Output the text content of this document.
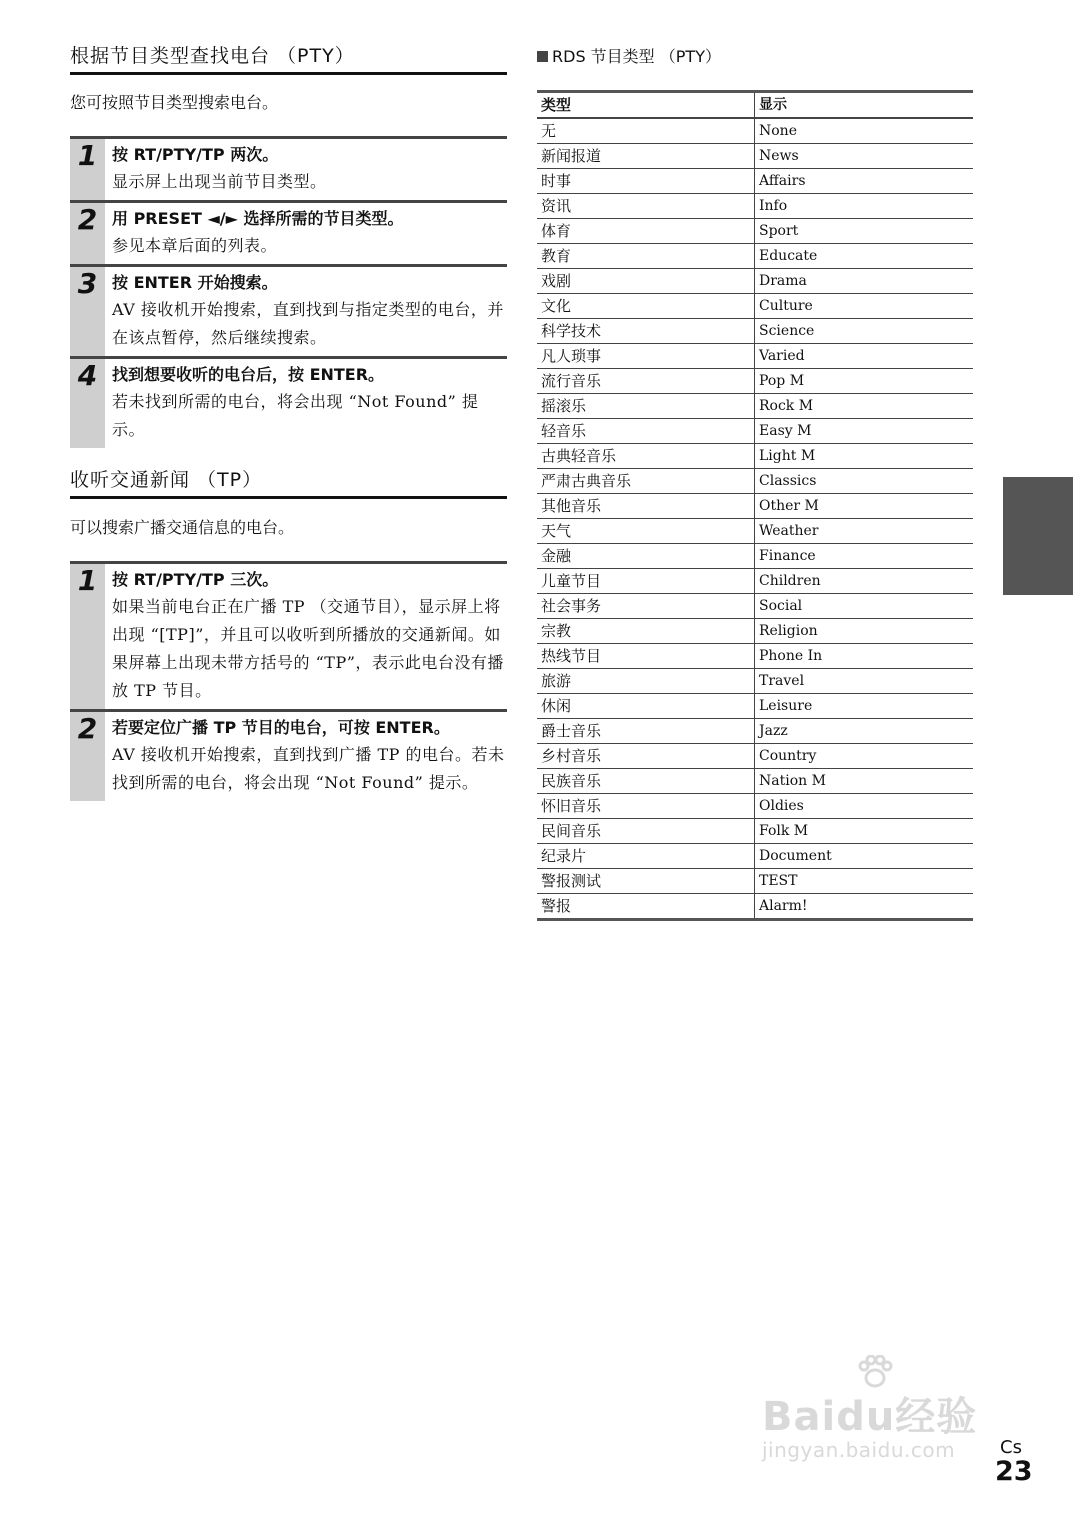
根据节目类型查找电台 （PTY）
您可按照节目类型搜索电台。
1 按 RT/PTY/TP 两次。
显示屏上出现当前节目类型。
2 用 PRESET ◄/► 选择所需的节目类型。
参见本章后面的列表。
3 按 ENTER 开始搜索。
AV 接收机开始搜索，直到找到与指定类型的电台，并在该点暂停，然后继续搜索。
4 找到想要收听的电台后，按 ENTER。
若未找到所需的电台，将会出现 “Not Found” 提示。
收听交通新闻 （TP）
可以搜索广播交通信息的电台。
1 按 RT/PTY/TP 三次。
如果当前电台正在广播 TP （交通节目），显示屏上将出现 “[TP]”，并且可以收听到所播放的交通新闻。如果屏幕上出现未带方括号的 “TP”，表示此电台没有播放 TP 节目。
2 若要定位广播 TP 节目的电台，可按 ENTER。
AV 接收机开始搜索，直到找到广播 TP 的电台。若未找到所需的电台，将会出现 “Not Found” 提示。
RDS 节目类型 （PTY）
类型	显示
无	None
新闻报道	News
时事	Affairs
资讯	Info
体育	Sport
教育	Educate
戏剧	Drama
文化	Culture
科学技术	Science
凡人琐事	Varied
流行音乐	Pop M
摇滚乐	Rock M
轻音乐	Easy M
古典轻音乐	Light M
严肃古典音乐	Classics
其他音乐	Other M
天气	Weather
金融	Finance
儿童节目	Children
社会事务	Social
宗教	Religion
热线节目	Phone In
旅游	Travel
休闲	Leisure
爵士音乐	Jazz
乡村音乐	Country
民族音乐	Nation M
怀旧音乐	Oldies
民间音乐	Folk M
纪录片	Document
警报测试	TEST
警报	Alarm!
Baidu经验
jingyan.baidu.com	Cs
23
